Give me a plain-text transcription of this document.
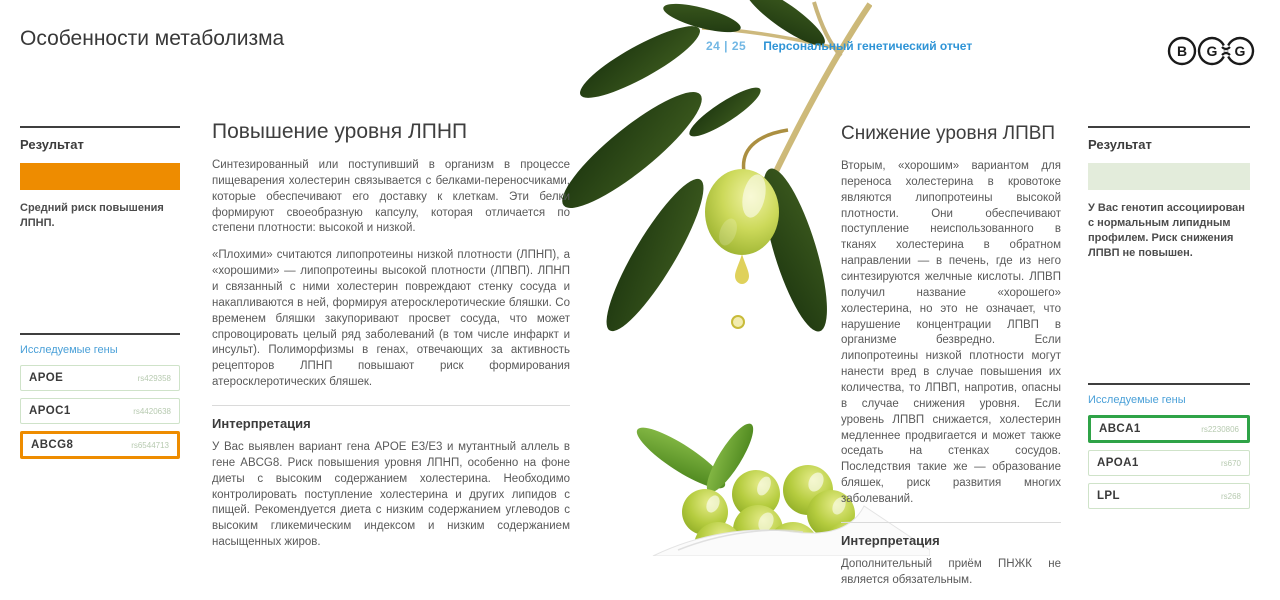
Особенности метаболизма	24 | 25 Персональный генетический отчет	B G G
Результат
Средний риск повышения ЛПНП.
Исследуемые гены
APOE	rs429358
APOC1	rs4420638
ABCG8	rs6544713
Повышение уровня ЛПНП

Синтезированный или поступивший в организм в процессе пищеварения холестерин связывается с белками-переносчиками, которые обеспечивают его доставку к клеткам. Эти белки формируют своеобразную капсулу, которая отличается по степени плотности: высокой и низкой.

«Плохими» считаются липопротеины низкой плотности (ЛПНП), а «хорошими» — липопротеины высокой плотности (ЛПВП). ЛПНП и связанный с ними холестерин повреждают стенку сосуда и накапливаются в ней, формируя атеросклеротические бляшки. Со временем бляшки закупоривают просвет сосуда, что может спровоцировать целый ряд заболеваний (в том числе инфаркт и инсульт). Полиморфизмы в генах, отвечающих за активность рецепторов ЛПНП повышают риск формирования атеросклеротических бляшек.

Интерпретация

У Вас выявлен вариант гена APOE E3/E3 и мутантный аллель в гене ABCG8. Риск повышения уровня ЛПНП, особенно на фоне диеты с высоким содержанием холестерина. Необходимо контролировать поступление холестерина и других липидов с пищей. Рекомендуется диета с низким содержанием углеводов с высоким гликемическим индексом и низким содержанием насыщенных жиров.

Снижение уровня ЛПВП

Вторым, «хорошим» вариантом для переноса холестерина в кровотоке являются липопротеины высокой плотности. Они обеспечивают поступление неиспользованного в тканях холестерина в обратном направлении — в печень, где из него синтезируются желчные кислоты. ЛПВП получил название «хорошего» холестерина, но это не означает, что нарушение концентрации ЛПВП в организме безвредно. Если липопротеины низкой плотности могут нанести вред в случае повышения их количества, то ЛПВП, напротив, опасны в случае снижения уровня. Если уровень ЛПВП снижается, холестерин медленнее продвигается и может также оседать на стенках сосудов. Последствия такие же — образование бляшек, риск развития многих заболеваний.

Интерпретация

Дополнительный приём ПНЖК не является обязательным.

Результат
У Вас генотип ассоциирован с нормальным липидным профилем. Риск снижения ЛПВП не повышен.
Исследуемые гены
ABCA1	rs2230806
APOA1	rs670
LPL	rs268
